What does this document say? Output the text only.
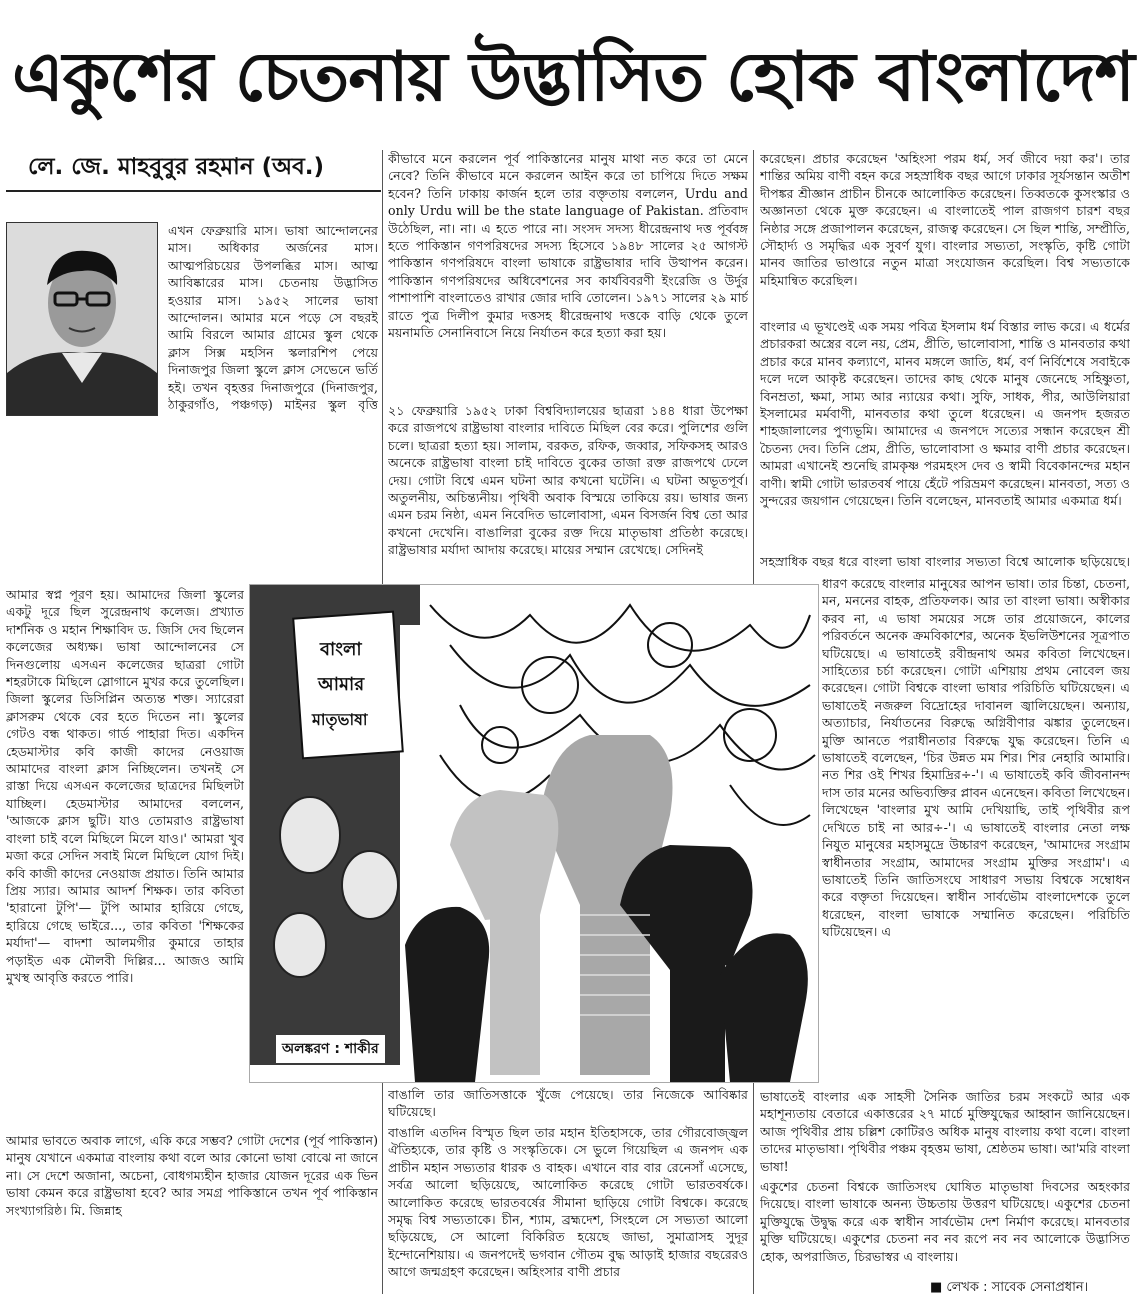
একুশের চেতনায় উদ্ভাসিত হোক বাংলাদেশ
লে. জে. মাহবুবুর রহমান (অব.)
এখন ফেব্রুয়ারি মাস। ভাষা আন্দোলনের মাস। অধিকার অর্জনের মাস। আত্মপরিচয়ের উপলব্ধির মাস। আত্ম আবিষ্কারের মাস। চেতনায় উদ্ভাসিত হওয়ার মাস। ১৯৫২ সালের ভাষা আন্দোলন। আমার মনে পড়ে সে বছরই আমি বিরলে আমার গ্রামের স্কুল থেকে ক্লাস সিক্স মহসিন স্কলারশিপ পেয়ে দিনাজপুর জিলা স্কুলে ক্লাস সেভেনে ভর্তি হই। তখন বৃহত্তর দিনাজপুরে (দিনাজপুর, ঠাকুরগাঁও, পঞ্চগড়) মাইনর স্কুল বৃত্তি
আমার স্বপ্ন পূরণ হয়। আমাদের জিলা স্কুলের একটু দূরে ছিল সুরেন্দ্রনাথ কলেজ। প্রখ্যাত দার্শনিক ও মহান শিক্ষাবিদ ড. জিসি দেব ছিলেন কলেজের অধ্যক্ষ। ভাষা আন্দোলনের সে দিনগুলোয় এসএন কলেজের ছাত্ররা গোটা শহরটাকে মিছিলে স্লোগানে মুখর করে তুলেছিল। জিলা স্কুলের ডিসিপ্লিন অত্যন্ত শক্ত। স্যারেরা ক্লাসরুম থেকে বের হতে দিতেন না। স্কুলের গেটও বন্ধ থাকত। গার্ড পাহারা দিত। একদিন হেডমাস্টার কবি কাজী কাদের নেওয়াজ আমাদের বাংলা ক্লাস নিচ্ছিলেন। তখনই সে রাস্তা দিয়ে এসএন কলেজের ছাত্রদের মিছিলটা যাচ্ছিল। হেডমাস্টার আমাদের বললেন, 'আজকে ক্লাস ছুটি। যাও তোমরাও রাষ্ট্রভাষা বাংলা চাই বলে মিছিলে মিলে যাও।' আমরা খুব মজা করে সেদিন সবাই মিলে মিছিলে যোগ দিই। কবি কাজী কাদের নেওয়াজ প্রয়াত। তিনি আমার প্রিয় স্যার। আমার আদর্শ শিক্ষক। তার কবিতা 'হারানো টুপি'— টুপি আমার হারিয়ে গেছে, হারিয়ে গেছে ভাইরে..., তার কবিতা 'শিক্ষকের মর্যাদা'— বাদশা আলমগীর কুমারে তাহার পড়াইত এক মৌলবী দিল্লির... আজও আমি মুখস্থ আবৃত্তি করতে পারি।
আমার ভাবতে অবাক লাগে, একি করে সম্ভব? গোটা দেশের (পূর্ব পাকিস্তান) মানুষ যেখানে একমাত্র বাংলায় কথা বলে আর কোনো ভাষা বোঝে না জানে না। সে দেশে অজানা, অচেনা, বোধগম্যহীন হাজার যোজন দূরের এক ভিন ভাষা কেমন করে রাষ্ট্রভাষা হবে? আর সমগ্র পাকিস্তানে তখন পূর্ব পাকিস্তান সংখ্যাগরিষ্ঠ। মি. জিন্নাহ
কীভাবে মনে করলেন পূর্ব পাকিস্তানের মানুষ মাথা নত করে তা মেনে নেবে? তিনি কীভাবে মনে করলেন আইন করে তা চাপিয়ে দিতে সক্ষম হবেন? তিনি ঢাকায় কার্জন হলে তার বক্তৃতায় বললেন, Urdu and only Urdu will be the state language of Pakistan. প্রতিবাদ উঠেছিল, না। না। এ হতে পারে না। সংসদ সদস্য ধীরেন্দ্রনাথ দত্ত পূর্ববঙ্গ হতে পাকিস্তান গণপরিষদের সদস্য হিসেবে ১৯৪৮ সালের ২৫ আগস্ট পাকিস্তান গণপরিষদে বাংলা ভাষাকে রাষ্ট্রভাষার দাবি উত্থাপন করেন। পাকিস্তান গণপরিষদের অধিবেশনের সব কার্যবিবরণী ইংরেজি ও উর্দুর পাশাপাশি বাংলাতেও রাখার জোর দাবি তোলেন। ১৯৭১ সালের ২৯ মার্চ রাতে পুত্র দিলীপ কুমার দত্তসহ ধীরেন্দ্রনাথ দত্তকে বাড়ি থেকে তুলে ময়নামতি সেনানিবাসে নিয়ে নির্যাতন করে হত্যা করা হয়।
২১ ফেব্রুয়ারি ১৯৫২ ঢাকা বিশ্ববিদ্যালয়ের ছাত্ররা ১৪৪ ধারা উপেক্ষা করে রাজপথে রাষ্ট্রভাষা বাংলার দাবিতে মিছিল বের করে। পুলিশের গুলি চলে। ছাত্ররা হত্যা হয়। সালাম, বরকত, রফিক, জব্বার, সফিকসহ আরও অনেকে রাষ্ট্রভাষা বাংলা চাই দাবিতে বুকের তাজা রক্ত রাজপথে ঢেলে দেয়। গোটা বিশ্বে এমন ঘটনা আর কখনো ঘটেনি। এ ঘটনা অভূতপূর্ব। অতুলনীয়, অচিন্ত্যনীয়। পৃথিবী অবাক বিস্ময়ে তাকিয়ে রয়। ভাষার জন্য এমন চরম নিষ্ঠা, এমন নিবেদিত ভালোবাসা, এমন বিসর্জন বিশ্ব তো আর কখনো দেখেনি। বাঙালিরা বুকের রক্ত দিয়ে মাতৃভাষা প্রতিষ্ঠা করেছে। রাষ্ট্রভাষার মর্যাদা আদায় করেছে। মায়ের সম্মান রেখেছে। সেদিনই
বাঙালি তার জাতিসত্তাকে খুঁজে পেয়েছে। তার নিজেকে আবিষ্কার ঘটিয়েছে।
বাঙালি এতদিন বিস্মৃত ছিল তার মহান ইতিহাসকে, তার গৌরবোজ্জ্বল ঐতিহ্যকে, তার কৃষ্টি ও সংস্কৃতিকে। সে ভুলে গিয়েছিল এ জনপদ এক প্রাচীন মহান সভ্যতার ধারক ও বাহক। এখানে বার বার রেনেসাঁ এসেছে, সর্বত্র আলো ছড়িয়েছে, আলোকিত করেছে গোটা ভারতবর্ষকে। আলোকিত করেছে ভারতবর্ষের সীমানা ছাড়িয়ে গোটা বিশ্বকে। করেছে সমৃদ্ধ বিশ্ব সভ্যতাকে। চীন, শ্যাম, ব্রহ্মদেশ, সিংহলে সে সভ্যতা আলো ছড়িয়েছে, সে আলো বিকিরিত হয়েছে জাভা, সুমাত্রাসহ সুদূর ইন্দোনেশিয়ায়। এ জনপদেই ভগবান গৌতম বুদ্ধ আড়াই হাজার বছরেরও আগে জন্মগ্রহণ করেছেন। অহিংসার বাণী প্রচার
করেছেন। প্রচার করেছেন 'অহিংসা পরম ধর্ম, সর্ব জীবে দয়া কর'। তার শান্তির অমিয় বাণী বহন করে সহস্রাধিক বছর আগে ঢাকার সূর্যসন্তান অতীশ দীপঙ্কর শ্রীজ্ঞান প্রাচীন চীনকে আলোকিত করেছেন। তিব্বতকে কুসংস্কার ও অজ্ঞানতা থেকে মুক্ত করেছেন। এ বাংলাতেই পাল রাজগণ চারশ বছর নিষ্ঠার সঙ্গে প্রজাপালন করেছেন, রাজত্ব করেছেন। সে ছিল শান্তি, সম্প্রীতি, সৌহার্দ্য ও সমৃদ্ধির এক সুবর্ণ যুগ। বাংলার সভ্যতা, সংস্কৃতি, কৃষ্টি গোটা মানব জাতির ভাণ্ডারে নতুন মাত্রা সংযোজন করেছিল। বিশ্ব সভ্যতাকে মহিমান্বিত করেছিল।
বাংলার এ ভূখণ্ডেই এক সময় পবিত্র ইসলাম ধর্ম বিস্তার লাভ করে। এ ধর্মের প্রচারকরা অস্ত্রের বলে নয়, প্রেম, প্রীতি, ভালোবাসা, শান্তি ও মানবতার কথা প্রচার করে মানব কল্যাণে, মানব মঙ্গলে জাতি, ধর্ম, বর্ণ নির্বিশেষে সবাইকে দলে দলে আকৃষ্ট করেছেন। তাদের কাছ থেকে মানুষ জেনেছে সহিষ্ণুতা, বিনম্রতা, ক্ষমা, সাম্য আর ন্যায়ের কথা। সুফি, সাধক, পীর, আউলিয়ারা ইসলামের মর্মবাণী, মানবতার কথা তুলে ধরেছেন। এ জনপদ হজরত শাহজালালের পুণ্যভূমি। আমাদের এ জনপদে সত্যের সন্ধান করেছেন শ্রী চৈতন্য দেব। তিনি প্রেম, প্রীতি, ভালোবাসা ও ক্ষমার বাণী প্রচার করেছেন। আমরা এখানেই শুনেছি রামকৃষ্ণ পরমহংস দেব ও স্বামী বিবেকানন্দের মহান বাণী। স্বামী গোটা ভারতবর্ষ পায়ে হেঁটে পরিভ্রমণ করেছেন। মানবতা, সত্য ও সুন্দরের জয়গান গেয়েছেন। তিনি বলেছেন, মানবতাই আমার একমাত্র ধর্ম।
সহস্রাধিক বছর ধরে বাংলা ভাষা বাংলার সভ্যতা বিশ্বে আলোক ছড়িয়েছে।
ধারণ করেছে বাংলার মানুষের আপন ভাষা। তার চিন্তা, চেতনা, মন, মননের বাহক, প্রতিফলক। আর তা বাংলা ভাষা। অস্বীকার করব না, এ ভাষা সময়ের সঙ্গে তার প্রয়োজনে, কালের পরিবর্তনে অনেক ক্রমবিকাশের, অনেক ইভলিউশনের সূত্রপাত ঘটিয়েছে। এ ভাষাতেই রবীন্দ্রনাথ অমর কবিতা লিখেছেন। সাহিত্যের চর্চা করেছেন। গোটা এশিয়ায় প্রথম নোবেল জয় করেছেন। গোটা বিশ্বকে বাংলা ভাষার পরিচিতি ঘটিয়েছেন। এ ভাষাতেই নজরুল বিদ্রোহের দাবানল জ্বালিয়েছেন। অন্যায়, অত্যাচার, নির্যাতনের বিরুদ্ধে অগ্নিবীণার ঝঙ্কার তুলেছেন। মুক্তি আনতে পরাধীনতার বিরুদ্ধে যুদ্ধ করেছেন। তিনি এ ভাষাতেই বলেছেন, 'চির উন্নত মম শির। শির নেহারি আমারি। নত শির ওই শিখর হিমাদ্রির÷-'। এ ভাষাতেই কবি জীবনানন্দ দাস তার মনের অভিব্যক্তির প্লাবন এনেছেন। কবিতা লিখেছেন। লিখেছেন 'বাংলার মুখ আমি দেখিয়াছি, তাই পৃথিবীর রূপ দেখিতে চাই না আর÷-'। এ ভাষাতেই বাংলার নেতা লক্ষ নিযুত মানুষের মহাসমুদ্রে উচ্চারণ করেছেন, 'আমাদের সংগ্রাম স্বাধীনতার সংগ্রাম, আমাদের সংগ্রাম মুক্তির সংগ্রাম'। এ ভাষাতেই তিনি জাতিসংঘে সাধারণ সভায় বিশ্বকে সম্বোধন করে বক্তৃতা দিয়েছেন। স্বাধীন সার্বভৌম বাংলাদেশকে তুলে ধরেছেন, বাংলা ভাষাকে সম্মানিত করেছেন। পরিচিতি ঘটিয়েছেন। এ
ভাষাতেই বাংলার এক সাহসী সৈনিক জাতির চরম সংকটে আর এক মহাশূন্যতায় বেতারে একাত্তরের ২৭ মার্চে মুক্তিযুদ্ধের আহ্বান জানিয়েছেন। আজ পৃথিবীর প্রায় চল্লিশ কোটিরও অধিক মানুষ বাংলায় কথা বলে। বাংলা তাদের মাতৃভাষা। পৃথিবীর পঞ্চম বৃহত্তম ভাষা, শ্রেষ্ঠতম ভাষা। আ'মরি বাংলা ভাষা!
একুশের চেতনা বিশ্বকে জাতিসংঘ ঘোষিত মাতৃভাষা দিবসের অহংকার দিয়েছে। বাংলা ভাষাকে অনন্য উচ্চতায় উত্তরণ ঘটিয়েছে। একুশের চেতনা মুক্তিযুদ্ধে উদ্বুদ্ধ করে এক স্বাধীন সার্বভৌম দেশ নির্মাণ করেছে। মানবতার মুক্তি ঘটিয়েছে। একুশের চেতনা নব নব রূপে নব নব আলোকে উদ্ভাসিত হোক, অপরাজিত, চিরভাস্বর এ বাংলায়।
বাংলা
আমার
মাতৃভাষা
অলঙ্করণ : শাকীর
■ লেখক : সাবেক সেনাপ্রধান।
